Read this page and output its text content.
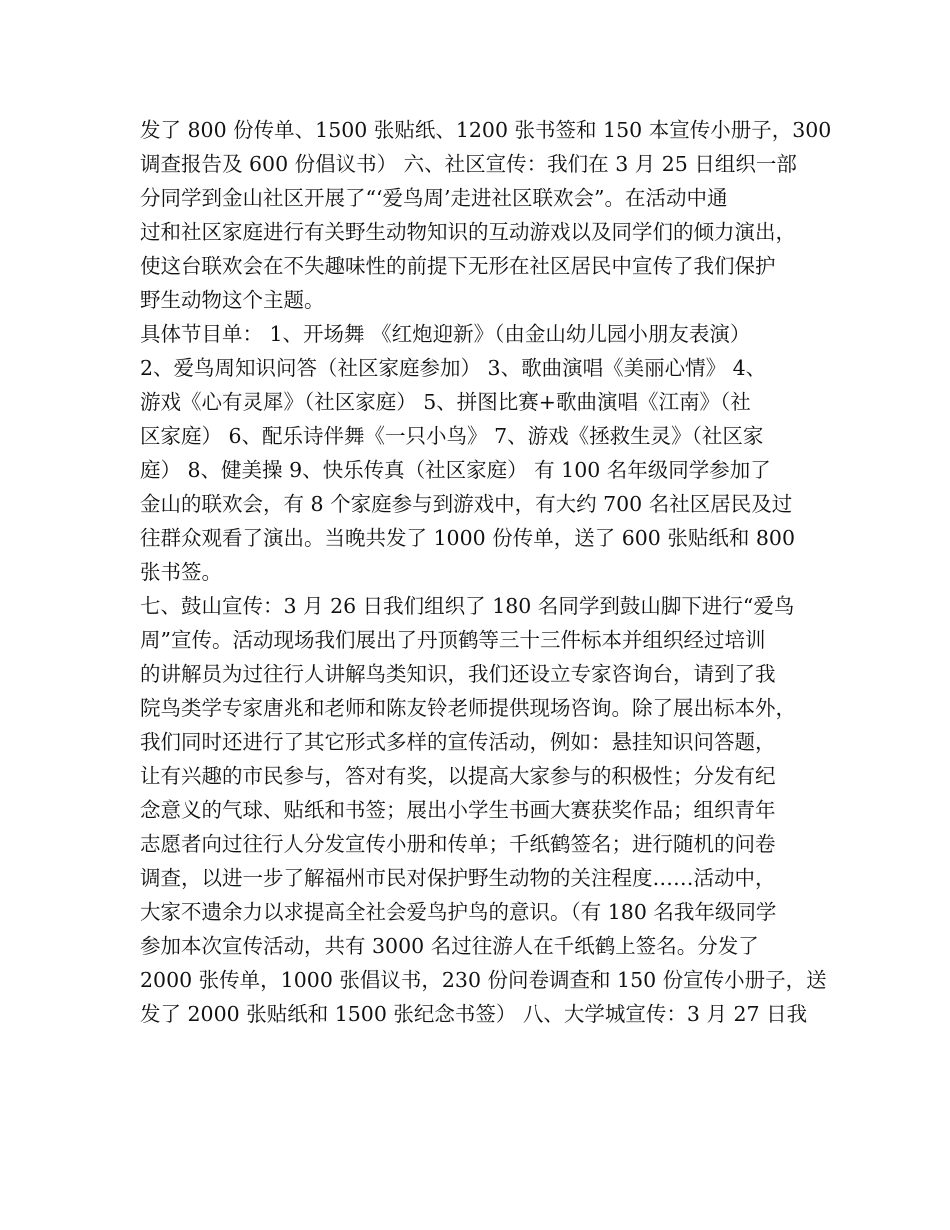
发了 800 份传单、1500 张贴纸、1200 张书签和 150 本宣传小册子，300
调查报告及 600 份倡议书） 六、社区宣传：我们在 3 月 25 日组织一部
分同学到金山社区开展了“‘爱鸟周’走进社区联欢会”。在活动中通
过和社区家庭进行有关野生动物知识的互动游戏以及同学们的倾力演出，
使这台联欢会在不失趣味性的前提下无形在社区居民中宣传了我们保护
野生动物这个主题。
具体节目单： 1、开场舞 《红炮迎新》（由金山幼儿园小朋友表演）
2、爱鸟周知识问答（社区家庭参加） 3、歌曲演唱《美丽心情》 4、
游戏《心有灵犀》（社区家庭） 5、拼图比赛+歌曲演唱《江南》（社
区家庭） 6、配乐诗伴舞《一只小鸟》 7、游戏《拯救生灵》（社区家
庭） 8、健美操 9、快乐传真（社区家庭） 有 100 名年级同学参加了
金山的联欢会，有 8 个家庭参与到游戏中，有大约 700 名社区居民及过
往群众观看了演出。当晚共发了 1000 份传单，送了 600 张贴纸和 800
张书签。
七、鼓山宣传：3 月 26 日我们组织了 180 名同学到鼓山脚下进行“爱鸟
周”宣传。活动现场我们展出了丹顶鹤等三十三件标本并组织经过培训
的讲解员为过往行人讲解鸟类知识，我们还设立专家咨询台，请到了我
院鸟类学专家唐兆和老师和陈友铃老师提供现场咨询。除了展出标本外，
我们同时还进行了其它形式多样的宣传活动，例如：悬挂知识问答题，
让有兴趣的市民参与，答对有奖，以提高大家参与的积极性；分发有纪
念意义的气球、贴纸和书签；展出小学生书画大赛获奖作品；组织青年
志愿者向过往行人分发宣传小册和传单；千纸鹤签名；进行随机的问卷
调查，以进一步了解福州市民对保护野生动物的关注程度……活动中，
大家不遗余力以求提高全社会爱鸟护鸟的意识。（有 180 名我年级同学
参加本次宣传活动，共有 3000 名过往游人在千纸鹤上签名。分发了
2000 张传单，1000 张倡议书，230 份问卷调查和 150 份宣传小册子，送
发了 2000 张贴纸和 1500 张纪念书签） 八、大学城宣传：3 月 27 日我
